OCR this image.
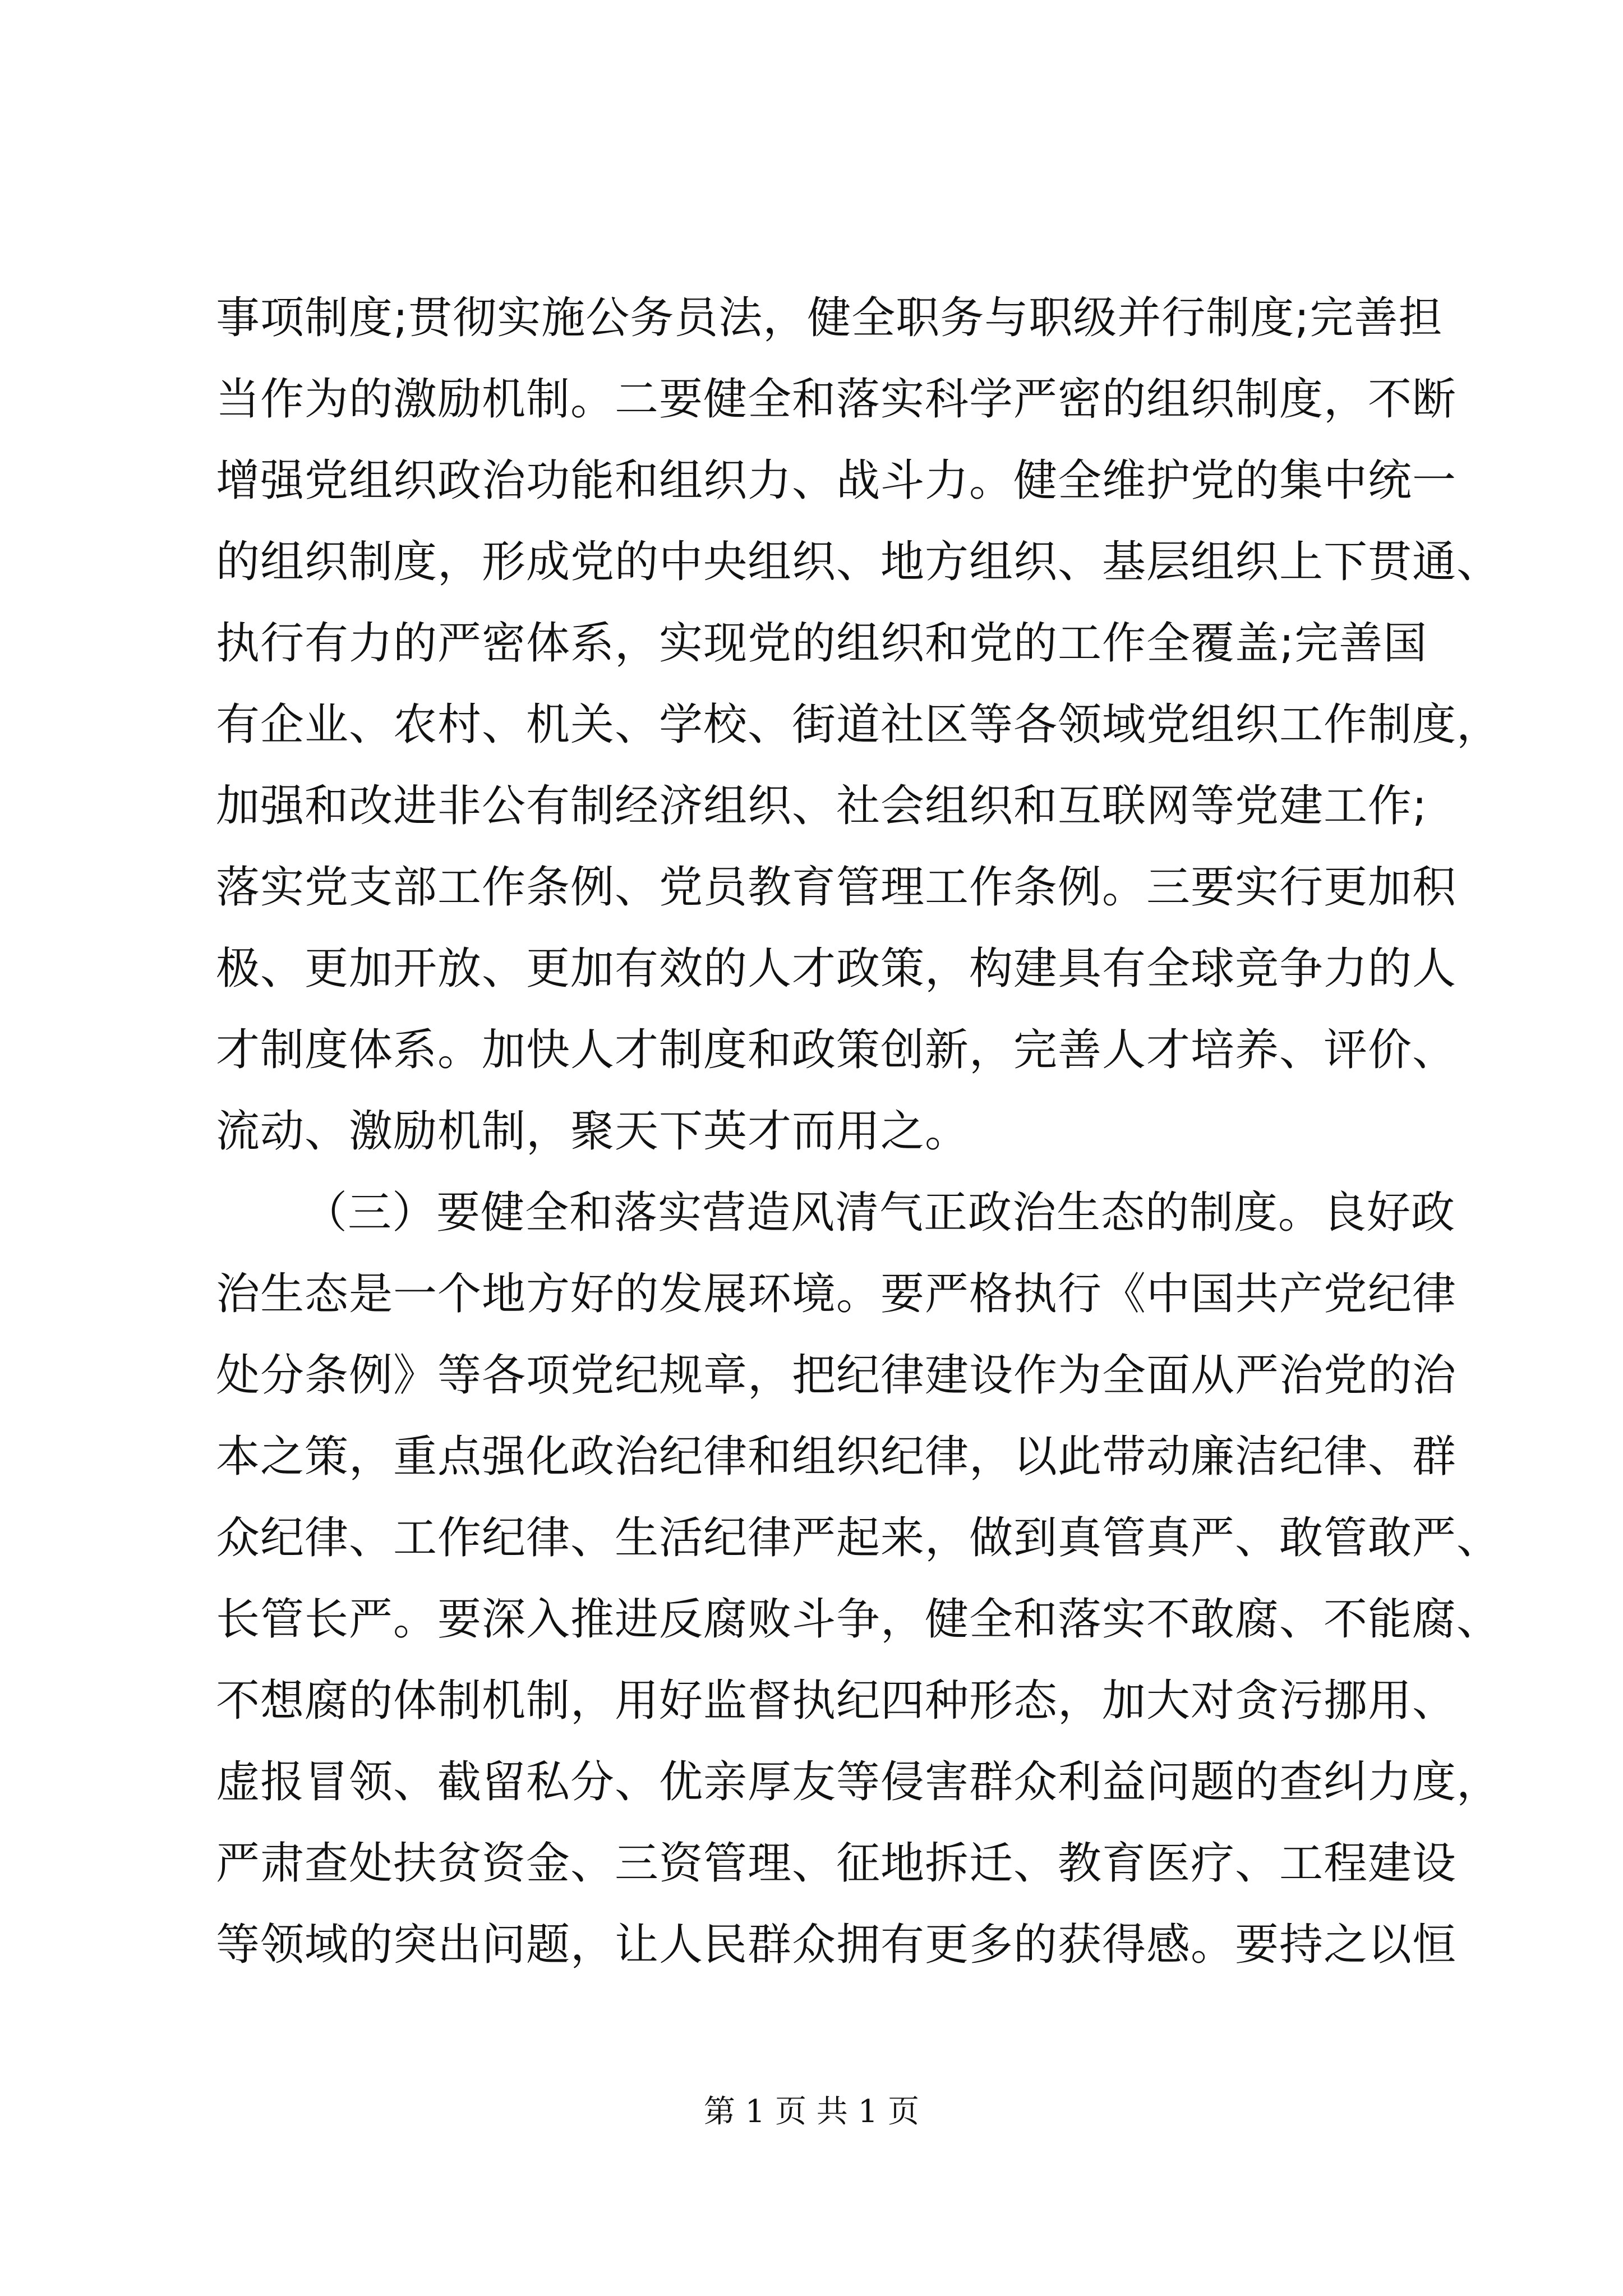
事项制度;贯彻实施公务员法，健全职务与职级并行制度;完善担
当作为的激励机制。二要健全和落实科学严密的组织制度，不断
增强党组织政治功能和组织力、战斗力。健全维护党的集中统一
的组织制度，形成党的中央组织、地方组织、基层组织上下贯通、
执行有力的严密体系，实现党的组织和党的工作全覆盖;完善国
有企业、农村、机关、学校、街道社区等各领域党组织工作制度，
加强和改进非公有制经济组织、社会组织和互联网等党建工作;
落实党支部工作条例、党员教育管理工作条例。三要实行更加积
极、更加开放、更加有效的人才政策，构建具有全球竞争力的人
才制度体系。加快人才制度和政策创新，完善人才培养、评价、
流动、激励机制，聚天下英才而用之。
（三）要健全和落实营造风清气正政治生态的制度。良好政
治生态是一个地方好的发展环境。要严格执行《中国共产党纪律
处分条例》等各项党纪规章，把纪律建设作为全面从严治党的治
本之策，重点强化政治纪律和组织纪律，以此带动廉洁纪律、群
众纪律、工作纪律、生活纪律严起来，做到真管真严、敢管敢严、
长管长严。要深入推进反腐败斗争，健全和落实不敢腐、不能腐、
不想腐的体制机制，用好监督执纪四种形态，加大对贪污挪用、
虚报冒领、截留私分、优亲厚友等侵害群众利益问题的查纠力度，
严肃查处扶贫资金、三资管理、征地拆迁、教育医疗、工程建设
等领域的突出问题，让人民群众拥有更多的获得感。要持之以恒
第 1 页 共 1 页
